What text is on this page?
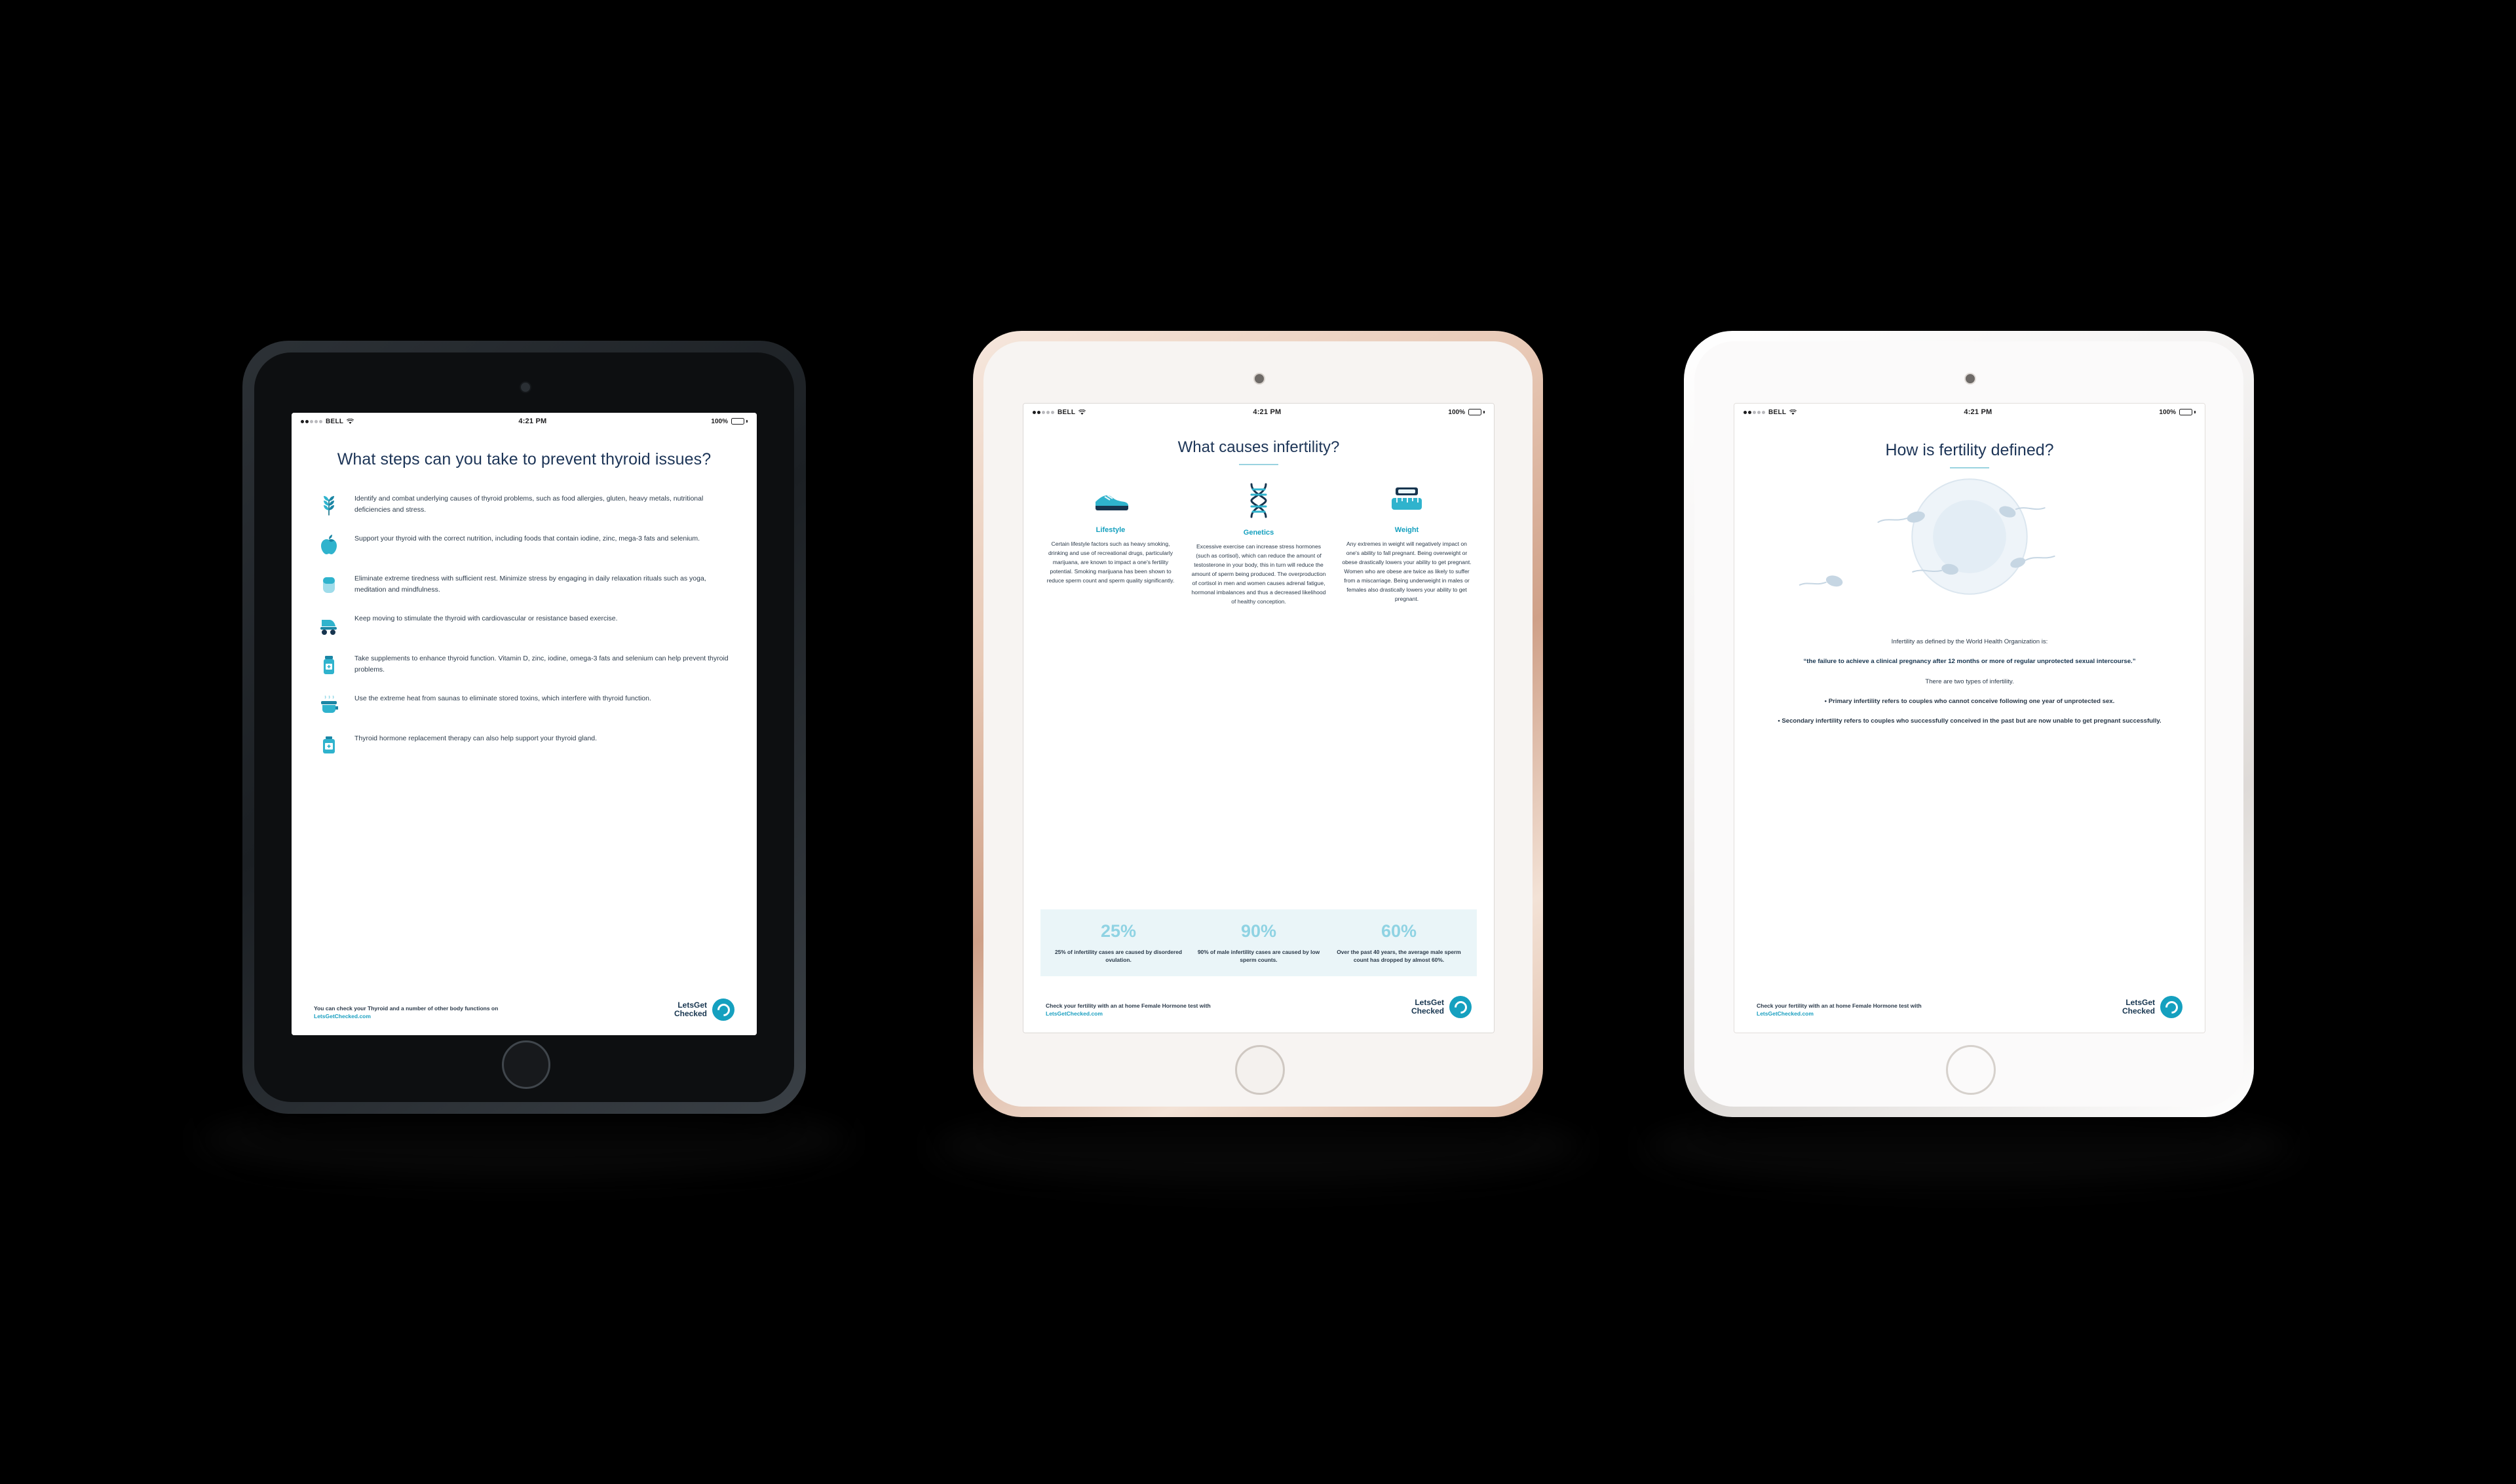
BELL	4:21 PM	100%
What steps can you take to prevent thyroid issues?
Identify and combat underlying causes of thyroid problems, such as food allergies, gluten, heavy metals, nutritional deficiencies and stress.
Support your thyroid with the correct nutrition, including foods that contain iodine, zinc, mega-3 fats and selenium.
Eliminate extreme tiredness with sufficient rest. Minimize stress by engaging in daily relaxation rituals such as yoga, meditation and mindfulness.
Keep moving to stimulate the thyroid with cardiovascular or resistance based exercise.
Take supplements to enhance thyroid function. Vitamin D, zinc, iodine, omega-3 fats and selenium can help prevent thyroid problems.
Use the extreme heat from saunas to eliminate stored toxins, which interfere with thyroid function.
Thyroid hormone replacement therapy can also help support your thyroid gland.
You can check your Thyroid and a number of other body functions on LetsGetChecked.com
LetsGet
Checked
BELL	4:21 PM	100%
What causes infertility?
Lifestyle
Certain lifestyle factors such as heavy smoking, drinking and use of recreational drugs, particularly marijuana, are known to impact a one's fertility potential. Smoking marijuana has been shown to reduce sperm count and sperm quality significantly.
Genetics
Excessive exercise can increase stress hormones (such as cortisol), which can reduce the amount of testosterone in your body, this in turn will reduce the amount of sperm being produced. The overproduction of cortisol in men and women causes adrenal fatigue, hormonal imbalances and thus a decreased likelihood of healthy conception.
Weight
Any extremes in weight will negatively impact on one's ability to fall pregnant. Being overweight or obese drastically lowers your ability to get pregnant. Women who are obese are twice as likely to suffer from a miscarriage. Being underweight in males or females also drastically lowers your ability to get pregnant.
25%
25% of infertility cases are caused by disordered ovulation.
90%
90% of male infertility cases are caused by low sperm counts.
60%
Over the past 40 years, the average male sperm count has dropped by almost 60%.
Check your fertility with an at home Female Hormone test with LetsGetChecked.com
LetsGet
Checked
BELL	4:21 PM	100%
How is fertility defined?

Infertility as defined by the World Health Organization is:

“the failure to achieve a clinical pregnancy after 12 months or more of regular unprotected sexual intercourse.”

There are two types of infertility.

• Primary infertility refers to couples who cannot conceive following one year of unprotected sex.

• Secondary infertility refers to couples who successfully conceived in the past but are now unable to get pregnant successfully.

Check your fertility with an at home Female Hormone test with LetsGetChecked.com
LetsGet
Checked
